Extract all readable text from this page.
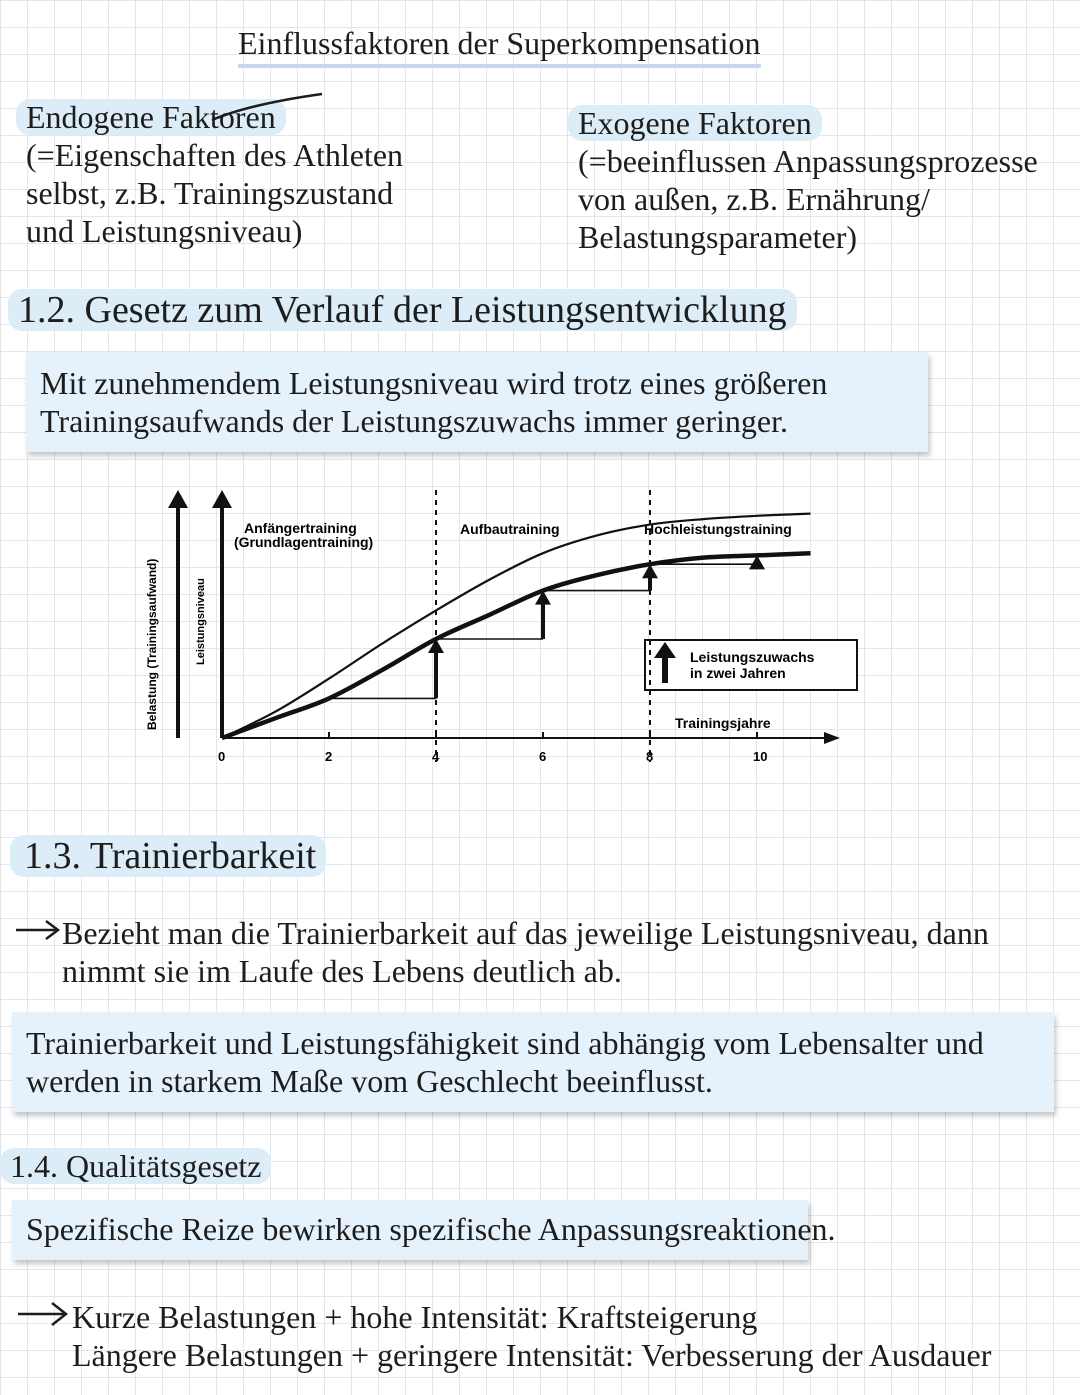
Einflussfaktoren der Superkompensation
Endogene Faktoren
(=Eigenschaften des Athleten
selbst, z.B. Trainingszustand
und Leistungsniveau)
Exogene Faktoren
(=beeinflussen Anpassungsprozesse
von außen, z.B. Ernährung/
Belastungsparameter)
1.2. Gesetz zum Verlauf der Leistungsentwicklung
Mit zunehmendem Leistungsniveau wird trotz eines größeren
Trainingsaufwands der Leistungszuwachs immer geringer.
Belastung (Trainingsaufwand)	Leistungsniveau
Anfängertraining
(Grundlagentraining)
Aufbautraining	Hochleistungstraining
Leistungszuwachs
in zwei Jahren
Trainingsjahre
0	2	4	6	8	10
1.3. Trainierbarkeit
Bezieht man die Trainierbarkeit auf das jeweilige Leistungsniveau, dann
nimmt sie im Laufe des Lebens deutlich ab.
Trainierbarkeit und Leistungsfähigkeit sind abhängig vom Lebensalter und
werden in starkem Maße vom Geschlecht beeinflusst.
1.4. Qualitätsgesetz
Spezifische Reize bewirken spezifische Anpassungsreaktionen.
Kurze Belastungen + hohe Intensität: Kraftsteigerung
Längere Belastungen + geringere Intensität: Verbesserung der Ausdauer
